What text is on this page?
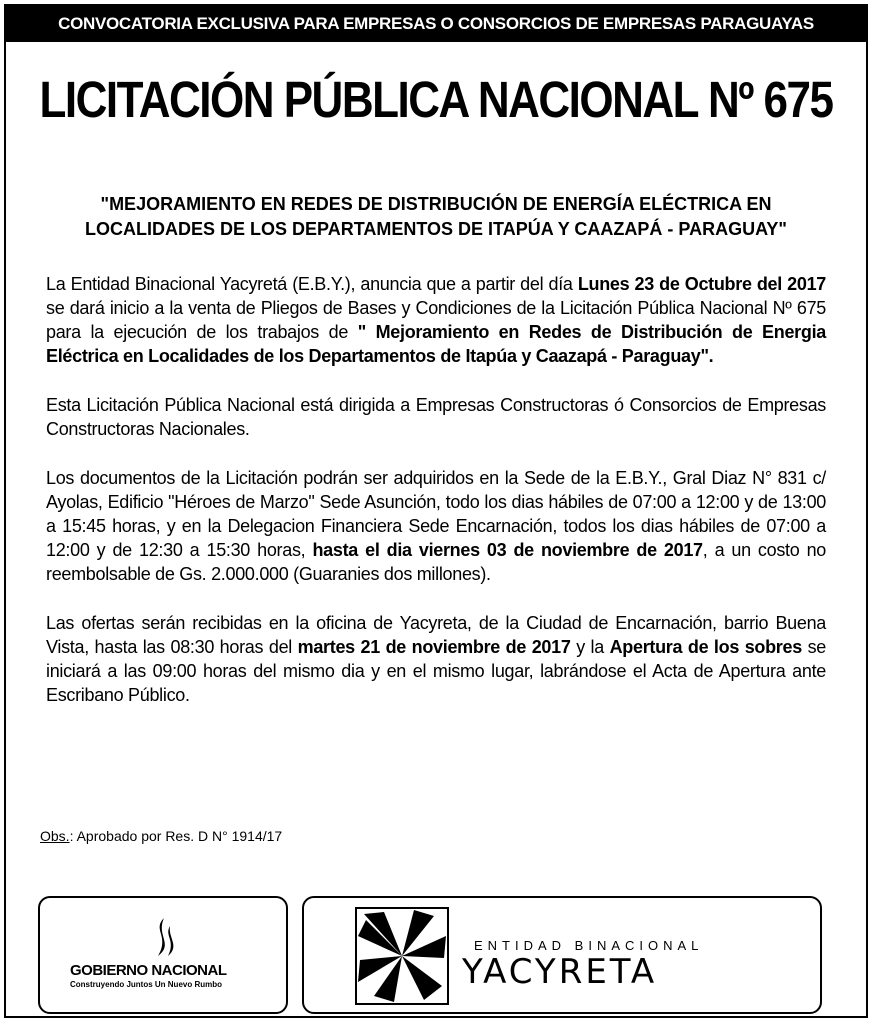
CONVOCATORIA EXCLUSIVA PARA EMPRESAS O CONSORCIOS DE EMPRESAS PARAGUAYAS
LICITACIÓN PÚBLICA NACIONAL Nº 675
"MEJORAMIENTO EN REDES DE DISTRIBUCIÓN DE ENERGÍA ELÉCTRICA EN
LOCALIDADES DE LOS DEPARTAMENTOS DE ITAPÚA Y CAAZAPÁ - PARAGUAY"

La Entidad Binacional Yacyretá (E.B.Y.), anuncia que a partir del día Lunes 23 de Octubre del 2017 se dará inicio a la venta de Pliegos de Bases y Condiciones de la Licitación Pública Nacional Nº 675 para la ejecución de los trabajos de " Mejoramiento en Redes de Distribución de Energia Eléctrica en Localidades de los Departamentos de Itapúa y Caazapá - Paraguay".

Esta Licitación Pública Nacional está dirigida a Empresas Constructoras ó Consorcios de Empresas Constructoras Nacionales.

Los documentos de la Licitación podrán ser adquiridos en la Sede de la E.B.Y., Gral Diaz N° 831 c/ Ayolas, Edificio "Héroes de Marzo" Sede Asunción, todo los dias hábiles de 07:00 a 12:00 y de 13:00 a 15:45 horas, y en la Delegacion Financiera Sede Encarnación, todos los dias hábiles de 07:00 a 12:00 y de 12:30 a 15:30 horas, hasta el dia viernes 03 de noviembre de 2017, a un costo no reembolsable de Gs. 2.000.000 (Guaranies dos millones).

Las ofertas serán recibidas en la oficina de Yacyreta, de la Ciudad de Encarnación, barrio Buena Vista, hasta las 08:30 horas del martes 21 de noviembre de 2017 y la Apertura de los sobres se iniciará a las 09:00 horas del mismo dia y en el mismo lugar, labrándose el Acta de Apertura ante Escribano Público.

Obs.: Aprobado por Res. D N° 1914/17
GOBIERNO NACIONAL
Construyendo Juntos Un Nuevo Rumbo
ENTIDAD BINACIONAL
YACYRETA
